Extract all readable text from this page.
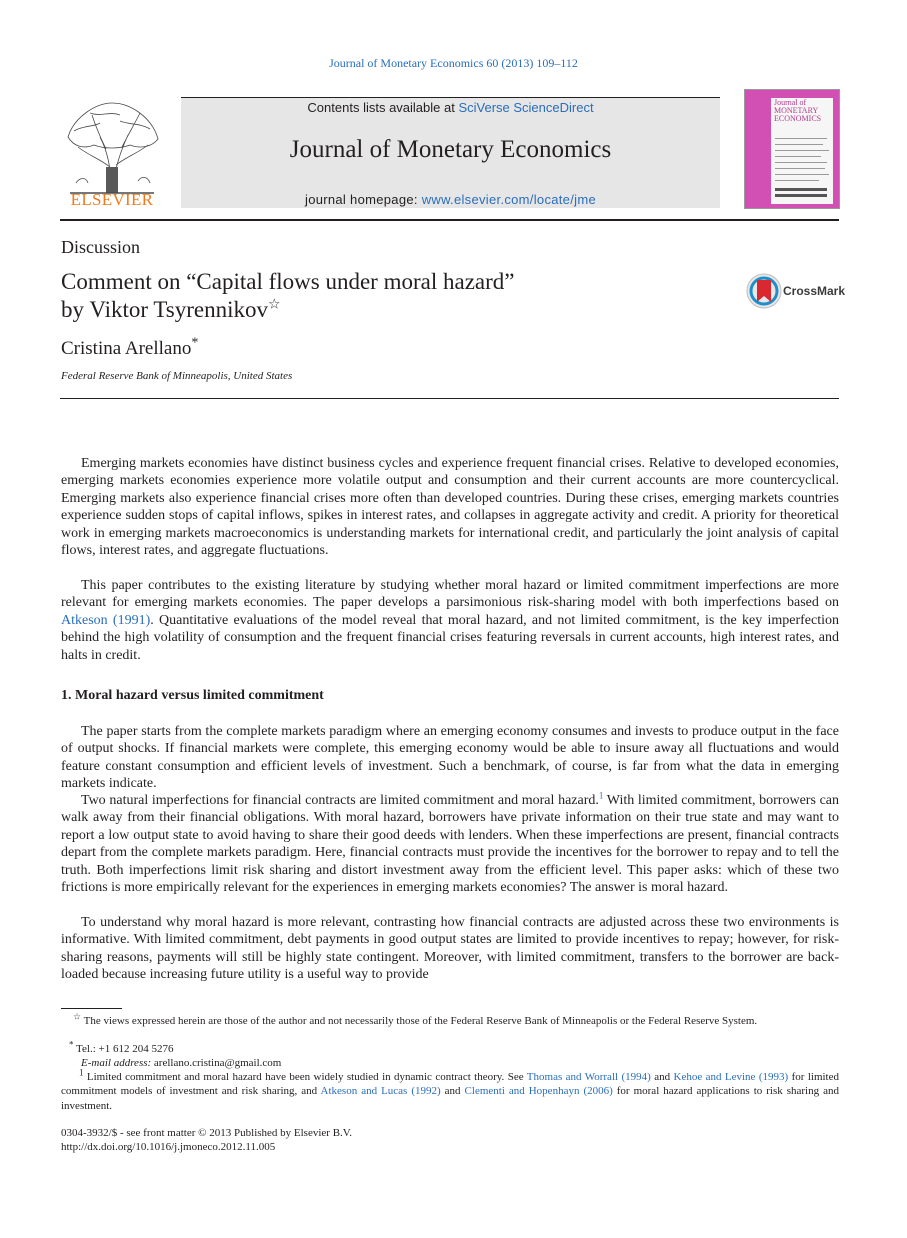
Journal of Monetary Economics 60 (2013) 109–112
ELSEVIER
Contents lists available at SciVerse ScienceDirect
Journal of Monetary Economics
journal homepage: www.elsevier.com/locate/jme
Journal of MONETARY ECONOMICS
Discussion
Comment on “Capital flows under moral hazard”
by Viktor Tsyrennikov☆
CrossMark
Cristina Arellano*
Federal Reserve Bank of Minneapolis, United States

Emerging markets economies have distinct business cycles and experience frequent financial crises. Relative to developed economies, emerging markets economies experience more volatile output and consumption and their current accounts are more countercyclical. Emerging markets also experience financial crises more often than developed countries. During these crises, emerging markets countries experience sudden stops of capital inflows, spikes in interest rates, and collapses in aggregate activity and credit. A priority for theoretical work in emerging markets macroeconomics is understanding markets for international credit, and particularly the joint analysis of capital flows, interest rates, and aggregate fluctuations.

This paper contributes to the existing literature by studying whether moral hazard or limited commitment imperfections are more relevant for emerging markets economies. The paper develops a parsimonious risk-sharing model with both imperfections based on Atkeson (1991). Quantitative evaluations of the model reveal that moral hazard, and not limited commitment, is the key imperfection behind the high volatility of consumption and the frequent financial crises featuring reversals in current accounts, high interest rates, and halts in credit.

1. Moral hazard versus limited commitment

The paper starts from the complete markets paradigm where an emerging economy consumes and invests to produce output in the face of output shocks. If financial markets were complete, this emerging economy would be able to insure away all fluctuations and would feature constant consumption and efficient levels of investment. Such a benchmark, of course, is far from what the data in emerging markets indicate.

Two natural imperfections for financial contracts are limited commitment and moral hazard.$^1$ With limited commitment, borrowers can walk away from their financial obligations. With moral hazard, borrowers have private information on their true state and may want to report a low output state to avoid having to share their good deeds with lenders. When these imperfections are present, financial contracts depart from the complete markets paradigm. Here, financial contracts must provide the incentives for the borrower to repay and to tell the truth. Both imperfections limit risk sharing and distort investment away from the efficient level. This paper asks: which of these two frictions is more empirically relevant for the experiences in emerging markets economies? The answer is moral hazard.

To understand why moral hazard is more relevant, contrasting how financial contracts are adjusted across these two environments is informative. With limited commitment, debt payments in good output states are limited to provide incentives to repay; however, for risk-sharing reasons, payments will still be highly state contingent. Moreover, with limited commitment, transfers to the borrower are back-loaded because increasing future utility is a useful way to provide

☆ The views expressed herein are those of the author and not necessarily those of the Federal Reserve Bank of Minneapolis or the Federal Reserve System.

* Tel.: +1 612 204 5276

E-mail address: arellano.cristina@gmail.com

$^1$ Limited commitment and moral hazard have been widely studied in dynamic contract theory. See Thomas and Worrall (1994) and Kehoe and Levine (1993) for limited commitment models of investment and risk sharing, and Atkeson and Lucas (1992) and Clementi and Hopenhayn (2006) for moral hazard applications to risk sharing and investment.

0304-3932/$ - see front matter © 2013 Published by Elsevier B.V.
http://dx.doi.org/10.1016/j.jmoneco.2012.11.005
